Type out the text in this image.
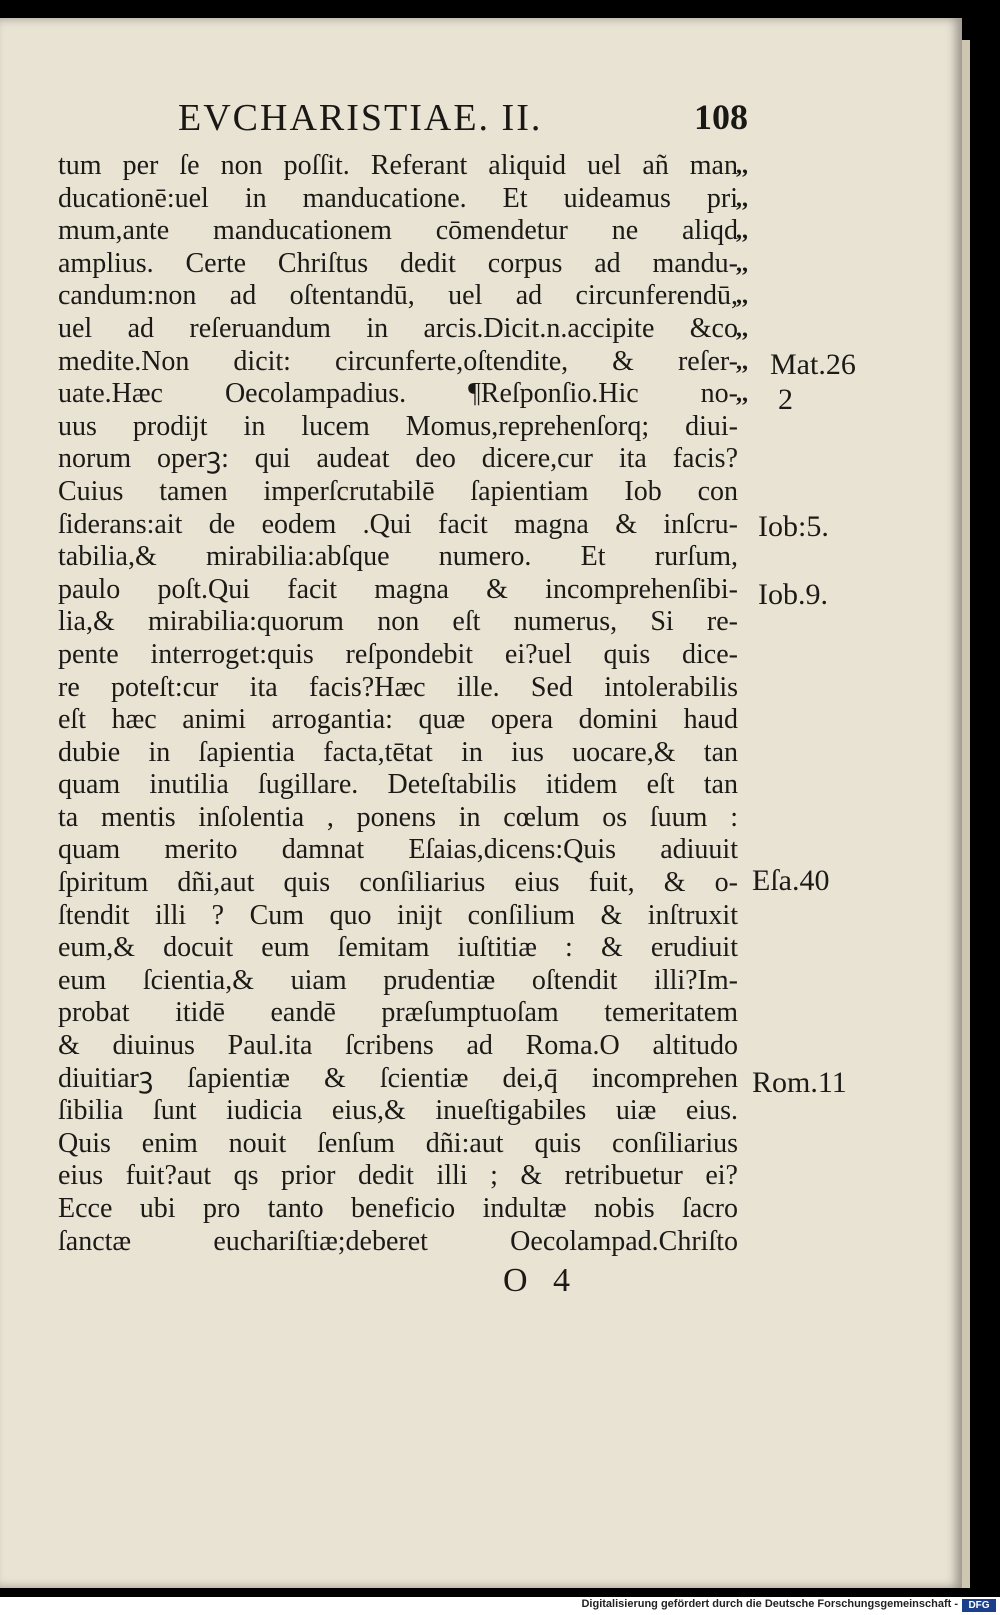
EVCHARISTIAE. II.	108
tum per ſe non poſſit. Referant aliquid uel añ man
ducationē:uel in manducatione. Et uideamus pri
mum,ante manducationem cōmendetur ne aliqd
amplius. Certe Chriſtus dedit corpus ad mandu-
candum:non ad oſtentandū, uel ad circunferendū,
uel ad reſeruandum in arcis.Dicit.n.accipite &co
medite.Non dicit: circunferte,oſtendite, & reſer-
uate.Hæc Oecolampadius. ¶Reſponſio.Hic no-
uus prodijt in lucem Momus,reprehenſorq; diui-
norum operꝫ: qui audeat deo dicere,cur ita facis?
Cuius tamen imperſcrutabilē ſapientiam Iob con
ſiderans:ait de eodem .Qui facit magna & inſcru-
tabilia,& mirabilia:abſque numero. Et rurſum,
paulo poſt.Qui facit magna & incomprehenſibi-
lia,& mirabilia:quorum non eſt numerus, Si re-
pente interroget:quis reſpondebit ei?uel quis dice-
re poteſt:cur ita facis?Hæc ille. Sed intolerabilis
eſt hæc animi arrogantia: quæ opera domini haud
dubie in ſapientia facta,tētat in ius uocare,& tan
quam inutilia ſugillare. Deteſtabilis itidem eſt tan
ta mentis inſolentia , ponens in cœlum os ſuum :
quam merito damnat Eſaias,dicens:Quis adiuuit
ſpiritum dñi,aut quis conſiliarius eius fuit, & o-
ſtendit illi ? Cum quo inijt conſilium & inſtruxit
eum,& docuit eum ſemitam iuſtitiæ : & erudiuit
eum ſcientia,& uiam prudentiæ oſtendit illi?Im-
probat itidē eandē præſumptuoſam temeritatem
& diuinus Paul.ita ſcribens ad Roma.O altitudo
diuitiarꝫ ſapientiæ & ſcientiæ dei,q̄ incomprehen
ſibilia ſunt iudicia eius,& inueſtigabiles uiæ eius.
Quis enim nouit ſenſum dñi:aut quis conſiliarius
eius fuit?aut qs prior dedit illi ; & retribuetur ei?
Ecce ubi pro tanto beneficio indultæ nobis ſacro
ſanctæ euchariſtiæ;deberet Oecolampad.Chriſto
,,
,,
,,
,,
,,
,,
,,
,,
Mat.26
2
Iob:5.
Iob.9.
Eſa.40
Rom.11
O   4
Digitalisierung gefördert durch die Deutsche Forschungsgemeinschaft -	DFG
